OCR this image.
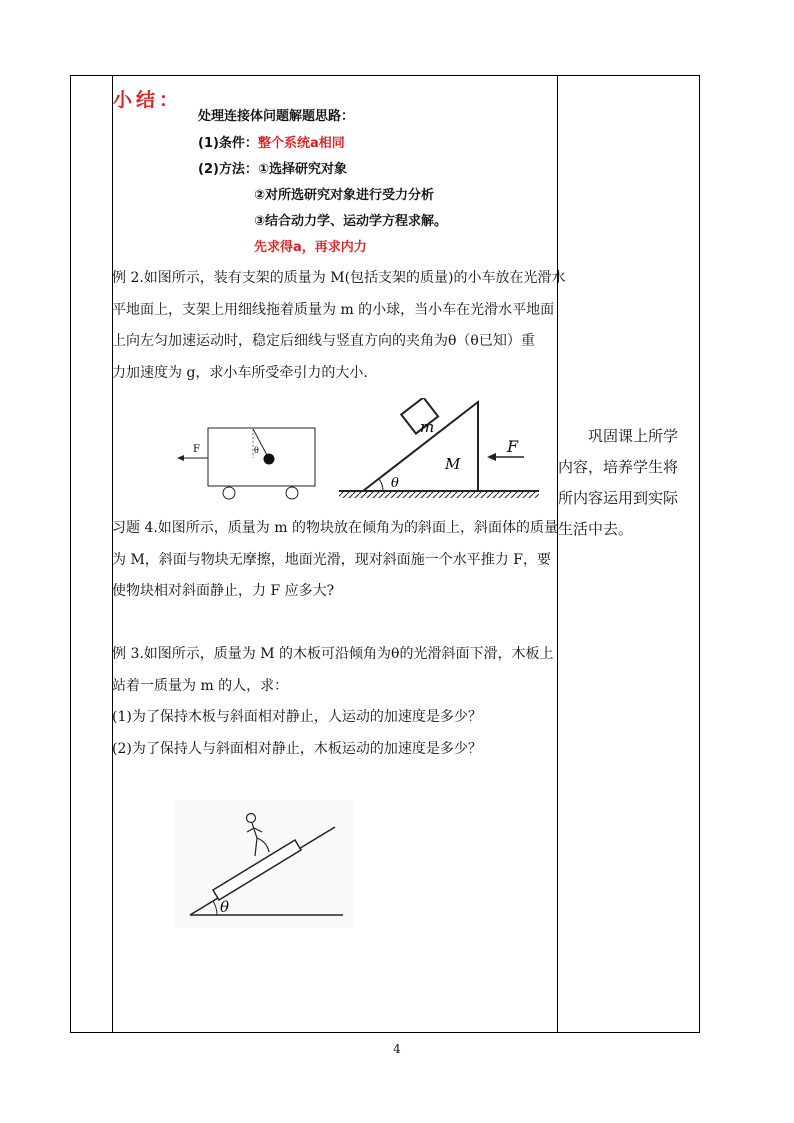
小结：
处理连接体问题解题思路：
(1)条件：整个系统a相同
(2)方法：①选择研究对象
②对所选研究对象进行受力分析
③结合动力学、运动学方程求解。
先求得a，再求内力
例 2.如图所示，装有支架的质量为 M(包括支架的质量)的小车放在光滑水
平地面上，支架上用细线拖着质量为 m 的小球，当小车在光滑水平地面
上向左匀加速运动时，稳定后细线与竖直方向的夹角为θ（θ已知）重
力加速度为 g，求小车所受牵引力的大小.
F	θ
m
M
θ
F
习题 4.如图所示，质量为 m 的物块放在倾角为的斜面上，斜面体的质量
为 M，斜面与物块无摩擦，地面光滑，现对斜面施一个水平推力 F，要
使物块相对斜面静止，力 F 应多大?
例 3.如图所示，质量为 M 的木板可沿倾角为θ的光滑斜面下滑，木板上
站着一质量为 m 的人，求：
(1)为了保持木板与斜面相对静止，人运动的加速度是多少？
(2)为了保持人与斜面相对静止，木板运动的加速度是多少？
θ
　　巩固课上所学
内容，培养学生将
所内容运用到实际
生活中去。
4
